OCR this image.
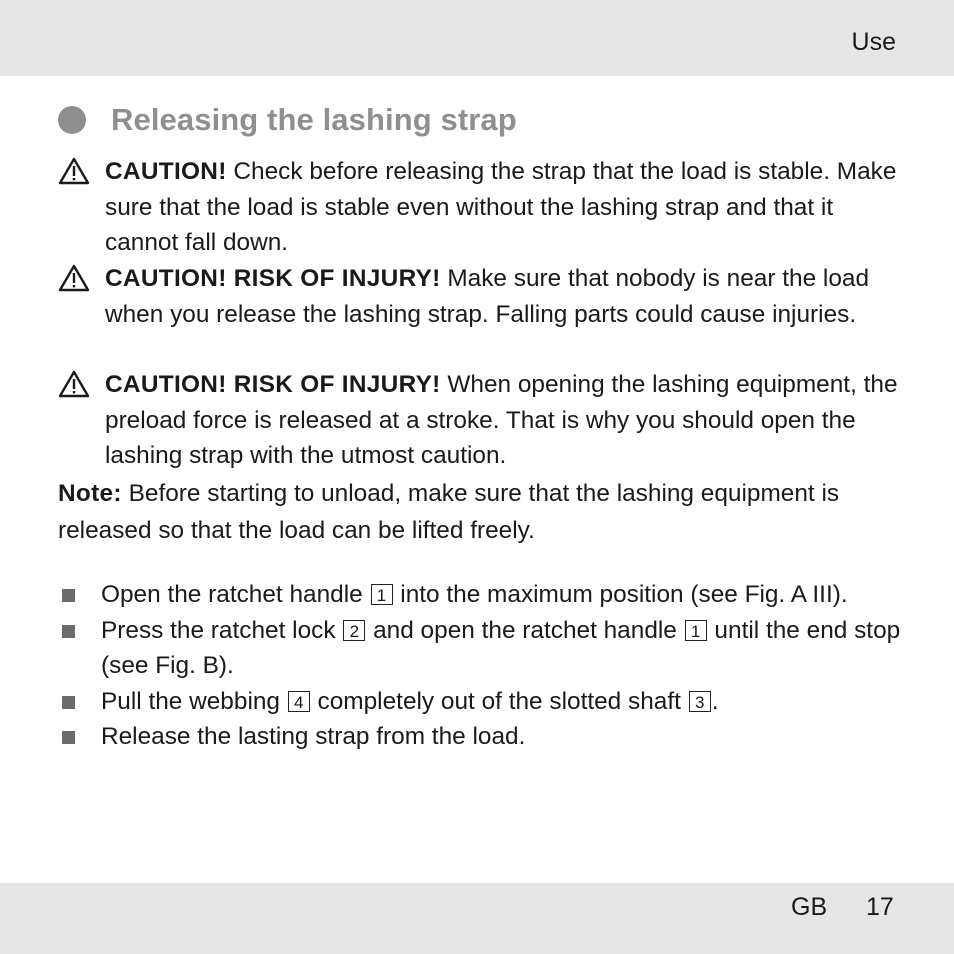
Use
Releasing the lashing strap
CAUTION! Check before releasing the strap that the load is stable. Make sure that the load is stable even without the lashing strap and that it cannot fall down.
CAUTION! RISK OF INJURY! Make sure that nobody is near the load when you release the lashing strap. Falling parts could cause injuries.
CAUTION! RISK OF INJURY! When opening the lashing equipment, the preload force is released at a stroke. That is why you should open the lashing strap with the utmost caution.
Note: Before starting to unload, make sure that the lashing equipment is released so that the load can be lifted freely.
Open the ratchet handle 1 into the maximum position (see Fig. A III).
Press the ratchet lock 2 and open the ratchet handle 1 until the end stop (see Fig. B).
Pull the webbing 4 completely out of the slotted shaft 3 .
Release the lasting strap from the load.
GB 17
